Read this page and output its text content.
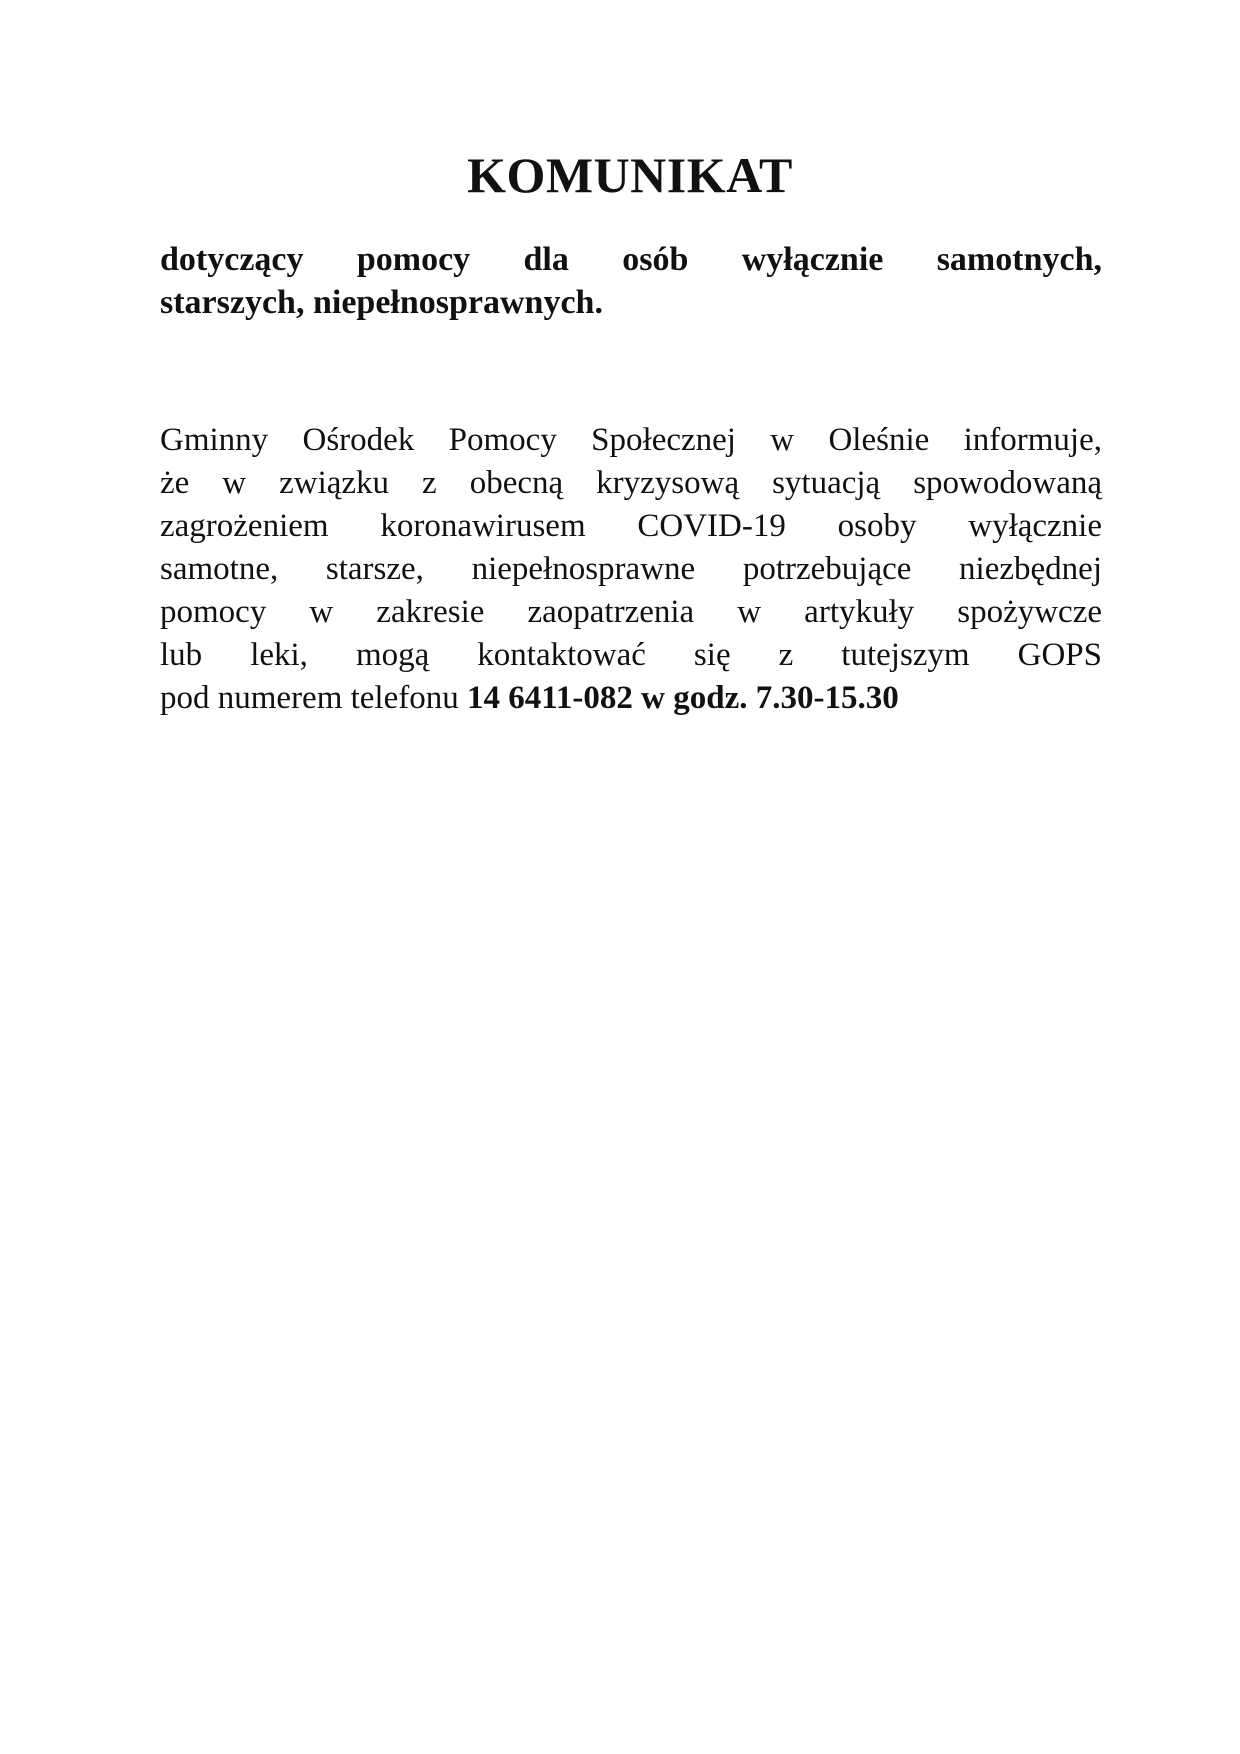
KOMUNIKAT

dotyczący pomocy dla osób wyłącznie samotnych,
starszych, niepełnosprawnych.

Gminny Ośrodek Pomocy Społecznej w Oleśnie informuje,
że w związku z obecną kryzysową sytuacją spowodowaną
zagrożeniem koronawirusem COVID-19 osoby wyłącznie
samotne, starsze, niepełnosprawne potrzebujące niezbędnej
pomocy w zakresie zaopatrzenia w artykuły spożywcze
lub leki, mogą kontaktować się z tutejszym GOPS
pod numerem telefonu 14 6411-082 w godz. 7.30-15.30
